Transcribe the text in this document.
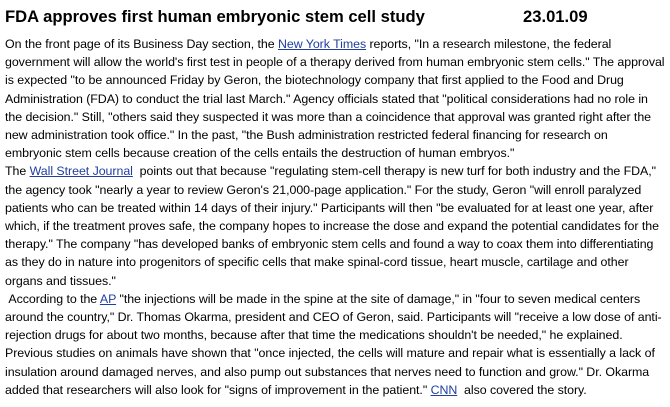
FDA approves first human embryonic stem cell study	23.01.09

On the front page of its Business Day section, the New York Times reports, "In a research milestone, the federal government will allow the world's first test in people of a therapy derived from human embryonic stem cells." The approval is expected "to be announced Friday by Geron, the biotechnology company that first applied to the Food and Drug Administration (FDA) to conduct the trial last March." Agency officials stated that "political considerations had no role in the decision." Still, "others said they suspected it was more than a coincidence that approval was granted right after the new administration took office." In the past, "the Bush administration restricted federal financing for research on embryonic stem cells because creation of the cells entails the destruction of human embryos."

The Wall Street Journal  points out that because "regulating stem-cell therapy is new turf for both industry and the FDA," the agency took "nearly a year to review Geron's 21,000-page application." For the study, Geron "will enroll paralyzed patients who can be treated within 14 days of their injury." Participants will then "be evaluated for at least one year, after which, if the treatment proves safe, the company hopes to increase the dose and expand the potential candidates for the therapy." The company "has developed banks of embryonic stem cells and found a way to coax them into differentiating as they do in nature into progenitors of specific cells that make spinal-cord tissue, heart muscle, cartilage and other organs and tissues."

According to the AP "the injections will be made in the spine at the site of damage," in "four to seven medical centers around the country," Dr. Thomas Okarma, president and CEO of Geron, said. Participants will "receive a low dose of anti-rejection drugs for about two months, because after that time the medications shouldn't be needed," he explained. Previous studies on animals have shown that "once injected, the cells will mature and repair what is essentially a lack of insulation around damaged nerves, and also pump out substances that nerves need to function and grow." Dr. Okarma added that researchers will also look for "signs of improvement in the patient." CNN  also covered the story.
